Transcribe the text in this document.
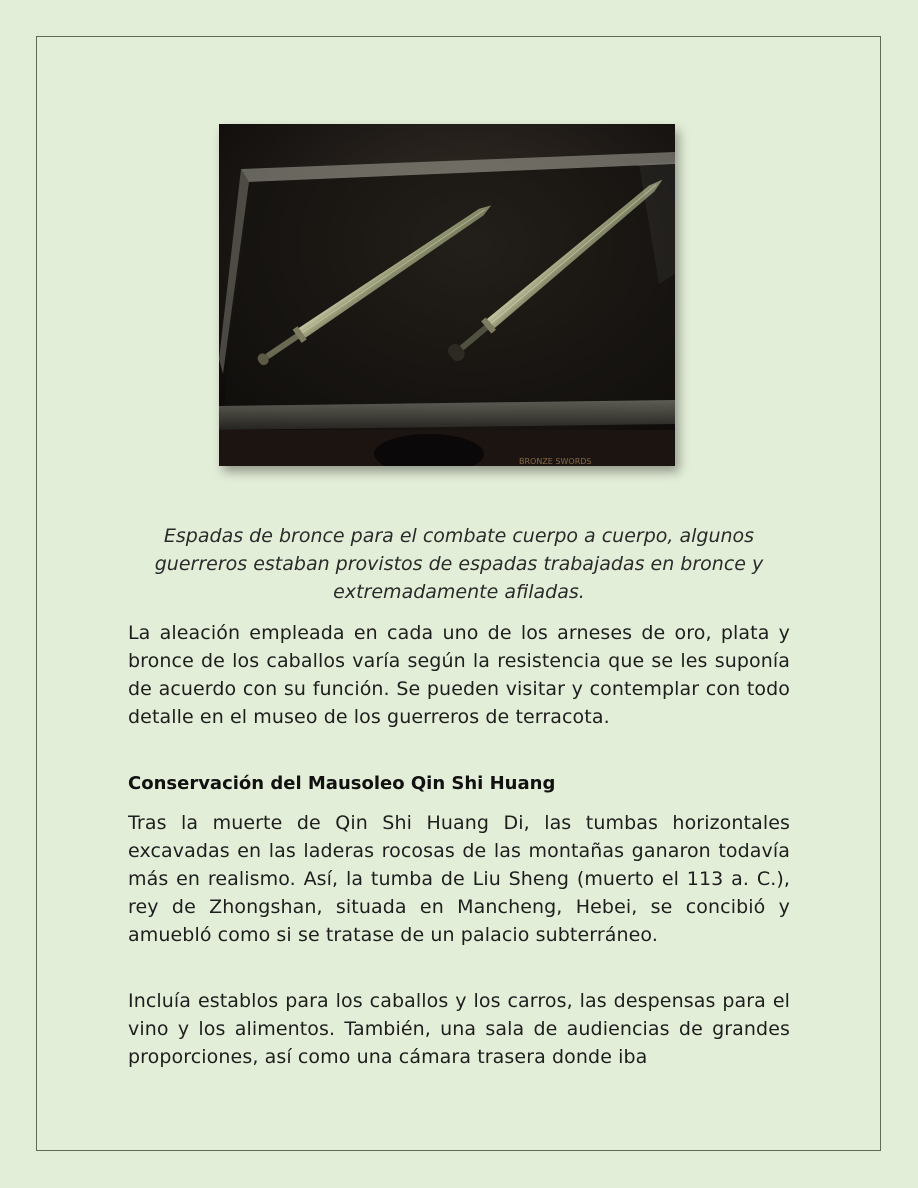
BRONZE SWORDS

Espadas de bronce para el combate cuerpo a cuerpo, algunos guerreros estaban provistos de espadas trabajadas en bronce y extremadamente afiladas.

La aleación empleada en cada uno de los arneses de oro, plata y bronce de los caballos varía según la resistencia que se les suponía de acuerdo con su función. Se pueden visitar y contemplar con todo detalle en el museo de los guerreros de terracota.

Conservación del Mausoleo Qin Shi Huang

Tras la muerte de Qin Shi Huang Di, las tumbas horizontales excavadas en las laderas rocosas de las montañas ganaron todavía más en realismo. Así, la tumba de Liu Sheng (muerto el 113 a. C.), rey de Zhongshan, situada en Mancheng, Hebei, se concibió y amuebló como si se tratase de un palacio subterráneo.

Incluía establos para los caballos y los carros, las despensas para el vino y los alimentos. También, una sala de audiencias de grandes proporciones, así como una cámara trasera donde iba
